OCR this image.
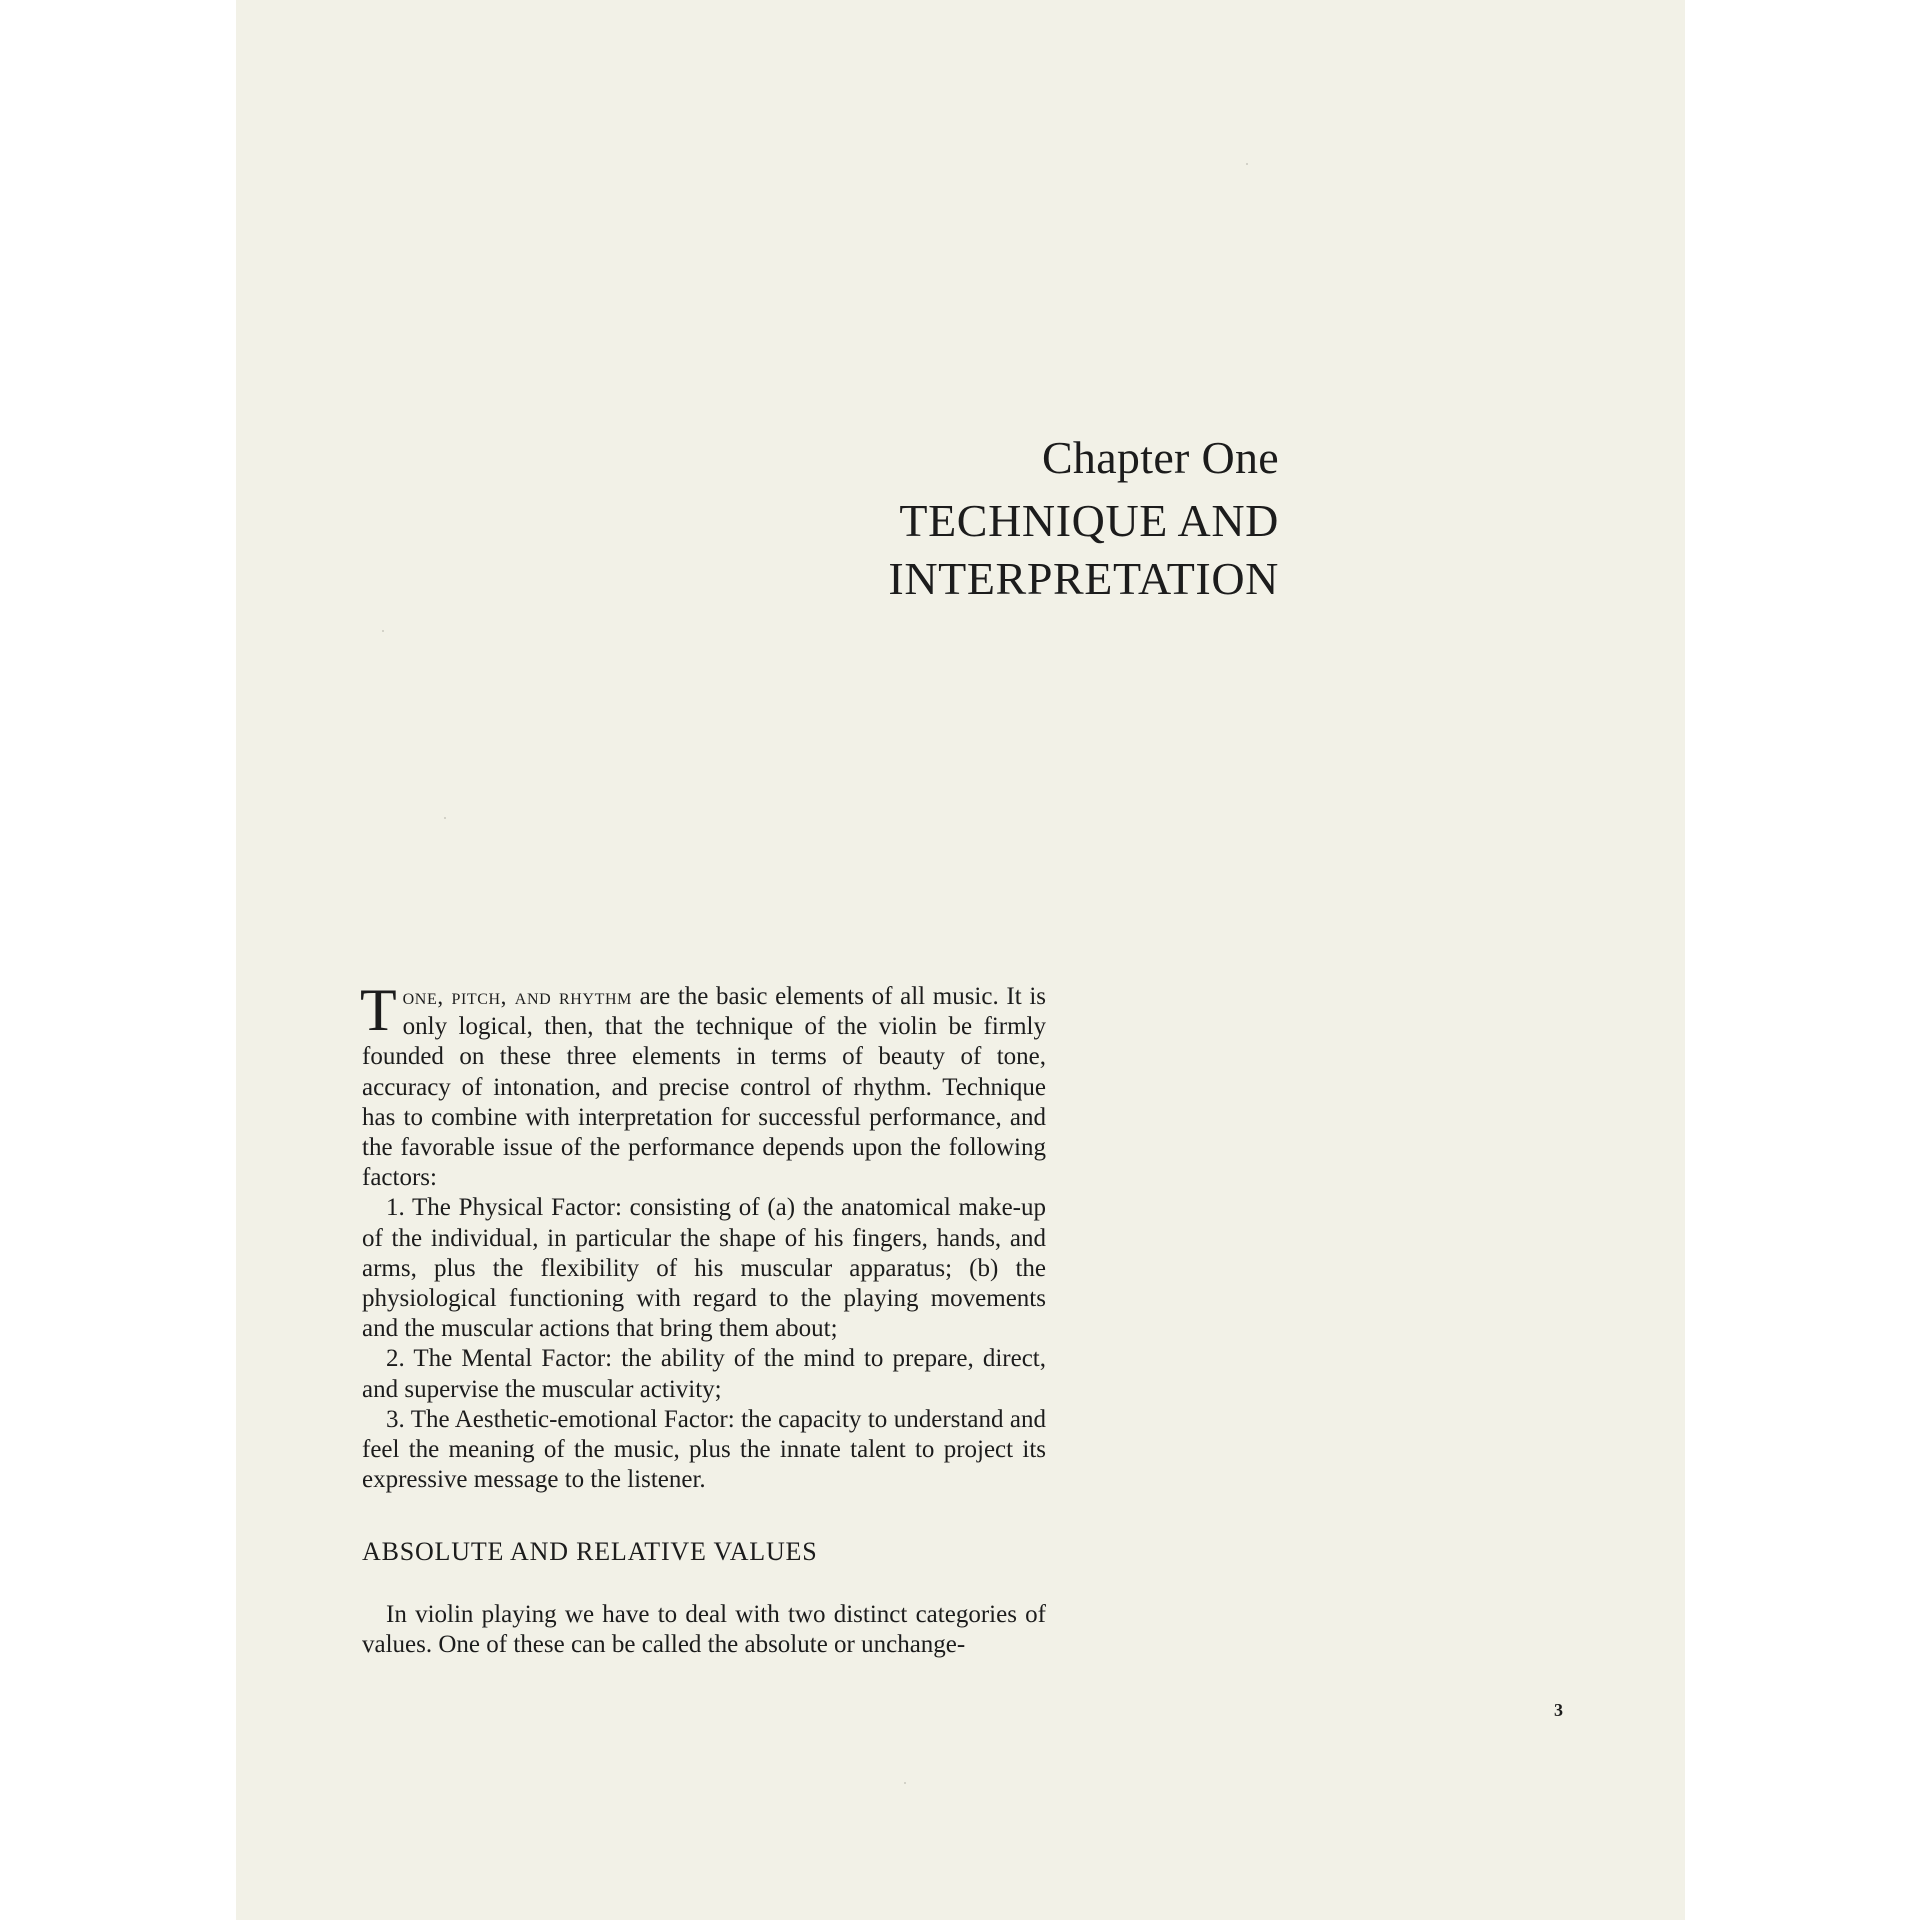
Chapter One
TECHNIQUE AND
INTERPRETATION

Tone, pitch, and rhythm are the basic elements of all music. It is only logical, then, that the technique of the violin be firmly founded on these three elements in terms of beauty of tone, accuracy of intonation, and precise control of rhythm. Technique has to combine with interpretation for successful performance, and the favorable issue of the performance depends upon the following factors:

1. The Physical Factor: consisting of (a) the anatomical make-up of the individual, in particular the shape of his fingers, hands, and arms, plus the flexibility of his muscular apparatus; (b) the physiological functioning with regard to the playing movements and the muscular actions that bring them about;

2. The Mental Factor: the ability of the mind to prepare, direct, and supervise the muscular activity;

3. The Aesthetic-emotional Factor: the capacity to understand and feel the meaning of the music, plus the innate talent to project its expressive message to the listener.

ABSOLUTE AND RELATIVE VALUES

In violin playing we have to deal with two distinct categories of values. One of these can be called the absolute or unchange-

3
